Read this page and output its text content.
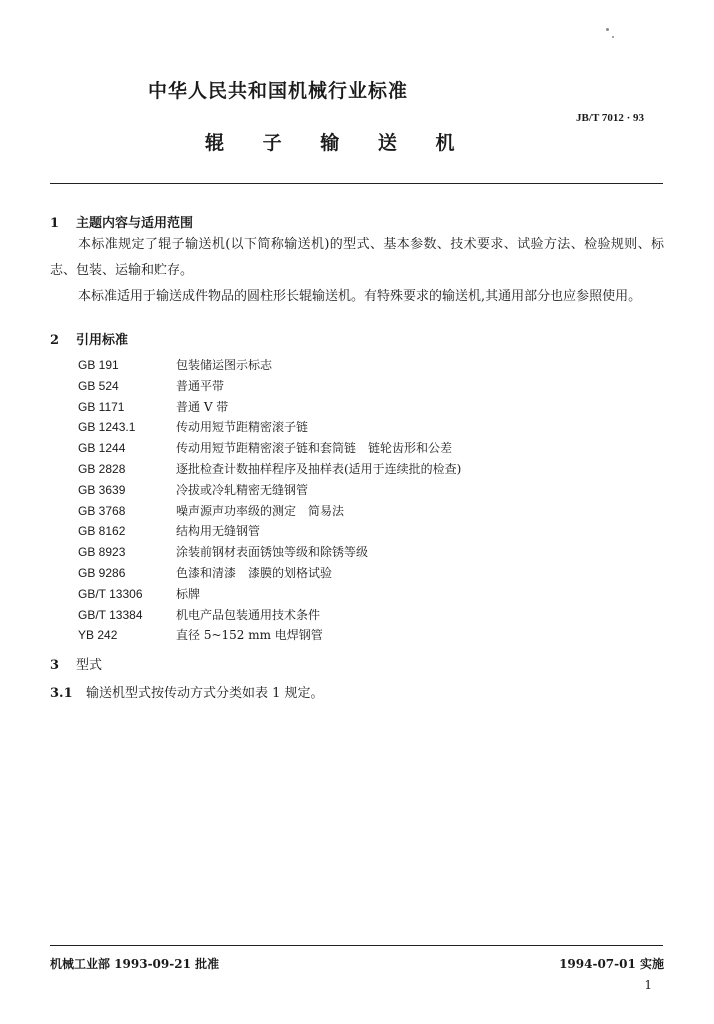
中华人民共和国机械行业标准
JB/T 7012 · 93
辊 子 输 送 机
1 主题内容与适用范围
本标准规定了辊子输送机(以下简称输送机)的型式、基本参数、技术要求、试验方法、检验规则、标志、包装、运输和贮存。
本标准适用于输送成件物品的圆柱形长辊输送机。有特殊要求的输送机,其通用部分也应参照使用。
2 引用标准
GB 191	包装储运图示标志
GB 524	普通平带
GB 1171	普通 V 带
GB 1243.1	传动用短节距精密滚子链
GB 1244	传动用短节距精密滚子链和套筒链　链轮齿形和公差
GB 2828	逐批检查计数抽样程序及抽样表(适用于连续批的检查)
GB 3639	冷拔或冷轧精密无缝钢管
GB 3768	噪声源声功率级的测定　简易法
GB 8162	结构用无缝钢管
GB 8923	涂装前钢材表面锈蚀等级和除锈等级
GB 9286	色漆和清漆　漆膜的划格试验
GB/T 13306	标牌
GB/T 13384	机电产品包装通用技术条件
YB 242	直径 5~152 mm 电焊钢管
3 型式
3.1 输送机型式按传动方式分类如表 1 规定。
机械工业部 1993-09-21 批准	1994-07-01 实施
1
